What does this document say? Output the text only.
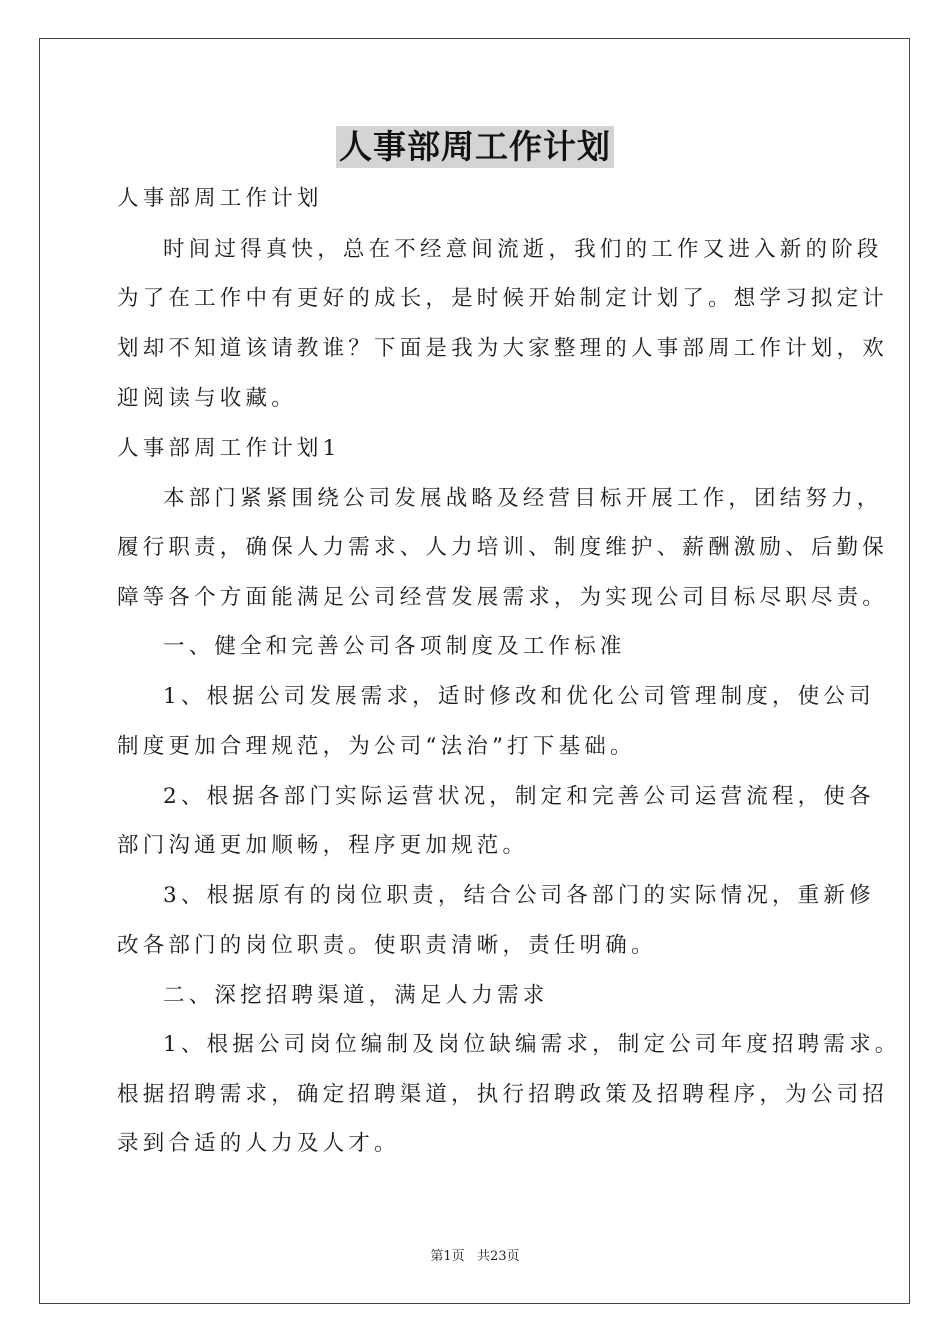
人事部周工作计划
人事部周工作计划
时间过得真快，总在不经意间流逝，我们的工作又进入新的阶段
为了在工作中有更好的成长，是时候开始制定计划了。想学习拟定计
划却不知道该请教谁？下面是我为大家整理的人事部周工作计划，欢
迎阅读与收藏。
人事部周工作计划1
本部门紧紧围绕公司发展战略及经营目标开展工作，团结努力，
履行职责，确保人力需求、人力培训、制度维护、薪酬激励、后勤保
障等各个方面能满足公司经营发展需求，为实现公司目标尽职尽责。
一、健全和完善公司各项制度及工作标准
1、根据公司发展需求，适时修改和优化公司管理制度，使公司
制度更加合理规范，为公司“法治”打下基础。
2、根据各部门实际运营状况，制定和完善公司运营流程，使各
部门沟通更加顺畅，程序更加规范。
3、根据原有的岗位职责，结合公司各部门的实际情况，重新修
改各部门的岗位职责。使职责清晰，责任明确。
二、深挖招聘渠道，满足人力需求
1、根据公司岗位编制及岗位缺编需求，制定公司年度招聘需求。
根据招聘需求，确定招聘渠道，执行招聘政策及招聘程序，为公司招
录到合适的人力及人才。
第1页   共23页
